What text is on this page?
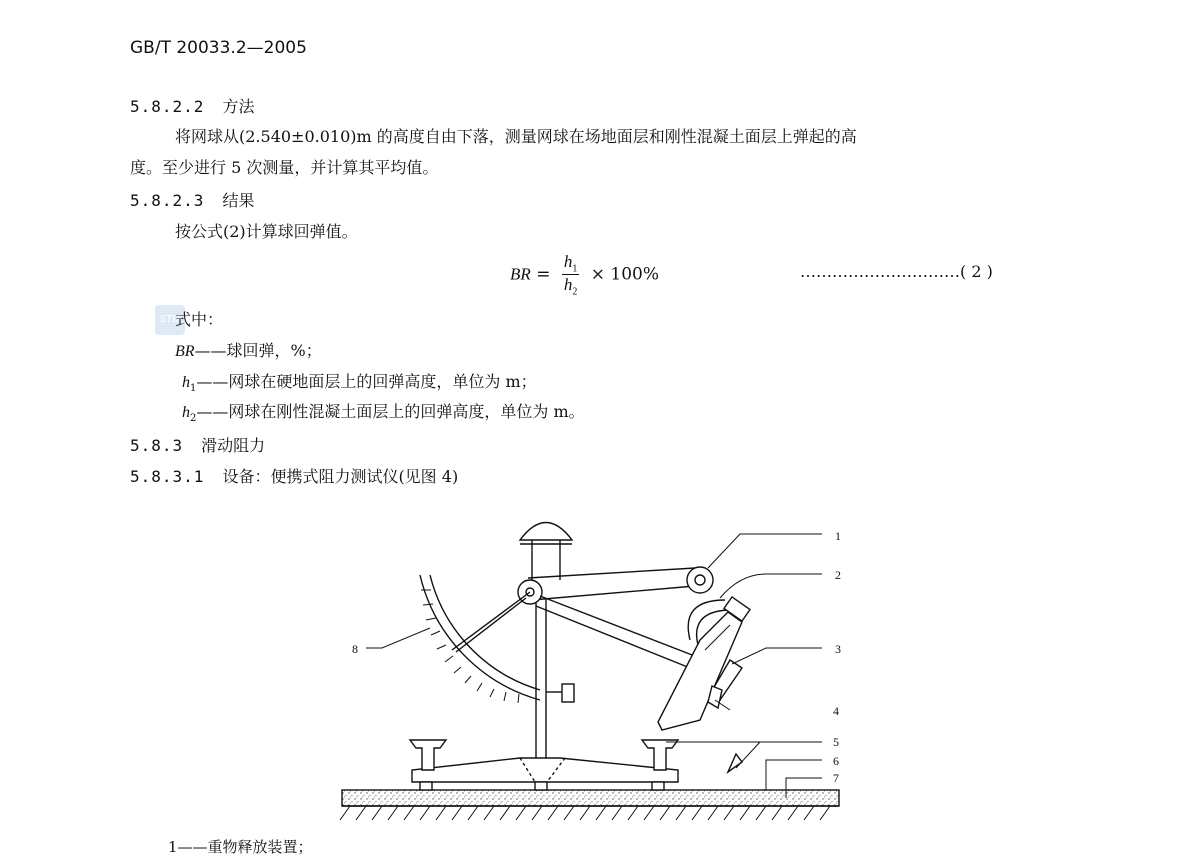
GB/T 20033.2—2005
5.8.2.2 方法
将网球从(2.540±0.010)m 的高度自由下落，测量网球在场地面层和刚性混凝土面层上弹起的高
度。至少进行 5 次测量，并计算其平均值。
5.8.2.3 结果
按公式(2)计算球回弹值。
BR = $\frac{h_1}{h_2} \times 100\%$	…………………………( 2 )
STD
式中：
BR——球回弹，%；
$h_1——$网球在硬地面层上的回弹高度，单位为 m；
$h_2——$网球在刚性混凝土面层上的回弹高度，单位为 m。
5.8.3 滑动阻力
5.8.3.1 设备：便携式阻力测试仪(见图 4)
1
2
3
4
5
6
7
8
1——重物释放装置；
